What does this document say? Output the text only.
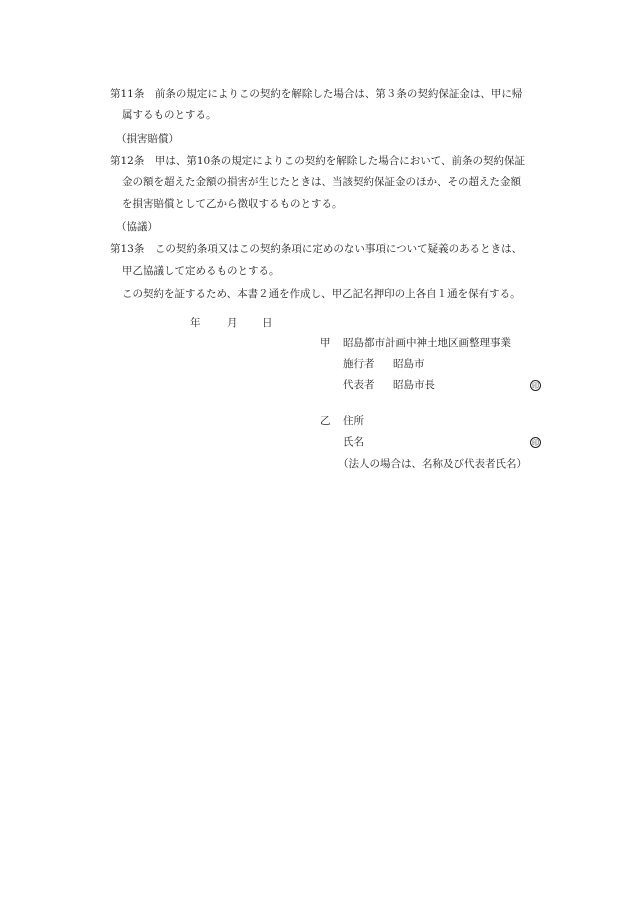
第11条　前条の規定によりこの契約を解除した場合は、第３条の契約保証金は、甲に帰
属するものとする。
（損害賠償）
第12条　甲は、第10条の規定によりこの契約を解除した場合において、前条の契約保証
金の額を超えた金額の損害が生じたときは、当該契約保証金のほか、その超えた金額
を損害賠償として乙から徴収するものとする。
（協議）
第13条　この契約条項又はこの契約条項に定めのない事項について疑義のあるときは、
甲乙協議して定めるものとする。
この契約を証するため、本書２通を作成し、甲乙記名押印の上各自１通を保有する。
年	月 日
甲 昭島都市計画中神土地区画整理事業
施行者 昭島市
代表者 昭島市長	印
乙 住所
氏名	印
（法人の場合は、名称及び代表者氏名）
